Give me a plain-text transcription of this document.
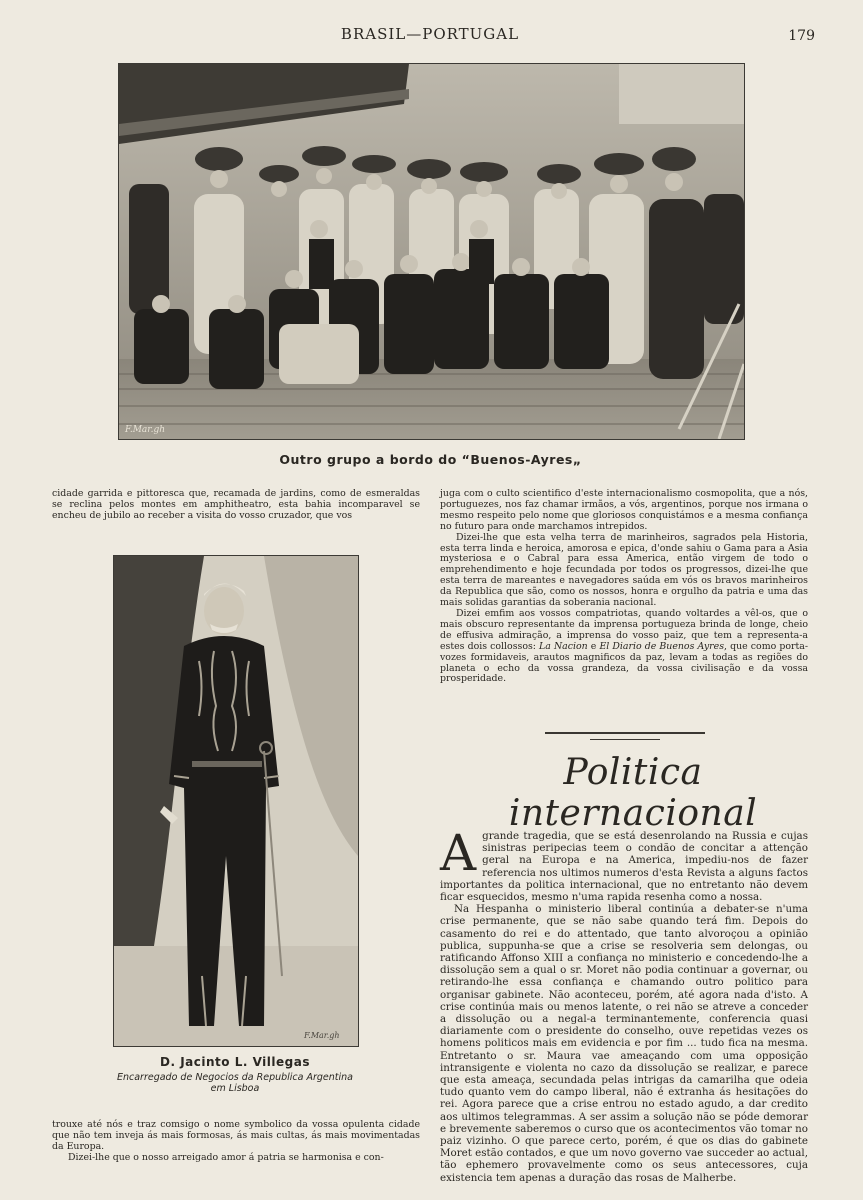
BRASIL—PORTUGAL	179
F.Mar.gh
Outro grupo a bordo do “Buenos-Ayres„

cidade garrida e pittoresca que, recamada de jardins, como de esmeraldas se reclina pelos montes em amphitheatro, esta bahia incomparavel se encheu de jubilo ao receber a visita do vosso cruzador, que vos

F.Mar.gh
D. Jacinto L. Villegas
Encarregado de Negocios da Republica Argentina
em Lisboa

trouxe até nós e traz comsigo o nome symbolico da vossa opulenta cidade que não tem inveja ás mais formosas, ás mais cultas, ás mais movimentadas da Europa.

Dizei-lhe que o nosso arreigado amor á patria se harmonisa e con-

juga com o culto scientifico d'este internacionalismo cosmopolita, que a nós, portuguezes, nos faz chamar irmãos, a vós, argentinos, porque nos irmana o mesmo respeito pelo nome que gloriosos conquistámos e a mesma confiança no futuro para onde marchamos intrepidos.

Dizei-lhe que esta velha terra de marinheiros, sagrados pela Historia, esta terra linda e heroica, amorosa e epica, d'onde sahiu o Gama para a Asia mysteriosa e o Cabral para essa America, então virgem de todo o emprehendimento e hoje fecundada por todos os progressos, dizei-lhe que esta terra de mareantes e navegadores saúda em vós os bravos marinheiros da Republica que são, como os nossos, honra e orgulho da patria e uma das mais solidas garantias da soberania nacional.

Dizei emfim aos vossos compatriotas, quando voltardes a vêl-os, que o mais obscuro representante da imprensa portugueza brinda de longe, cheio de effusiva admiração, a imprensa do vosso paiz, que tem a representa-a estes dois collossos: La Nacion e El Diario de Buenos Ayres, que como porta-vozes formidaveis, arautos magnificos da paz, levam a todas as regiões do planeta o echo da vossa grandeza, da vossa civilisação e da vossa prosperidade.

Politica internacional

Agrande tragedia, que se está desenrolando na Russia e cujas sinistras peripecias teem o condão de concitar a attenção geral na Europa e na America, impediu-nos de fazer referencia nos ultimos numeros d'esta Revista a alguns factos importantes da politica internacional, que no entretanto não devem ficar esquecidos, mesmo n'uma rapida resenha como a nossa.

Na Hespanha o ministerio liberal continúa a debater-se n'uma crise permanente, que se não sabe quando terá fim. Depois do casamento do rei e do attentado, que tanto alvoroçou a opinião publica, suppunha-se que a crise se resolveria sem delongas, ou ratificando Affonso XIII a confiança no ministerio e concedendo-lhe a dissolução sem a qual o sr. Moret não podia continuar a governar, ou retirando-lhe essa confiança e chamando outro politico para organisar gabinete. Não aconteceu, porém, até agora nada d'isto. A crise continúa mais ou menos latente, o rei não se atreve a conceder a dissolução ou a negal-a terminantemente, conferencia quasi diariamente com o presidente do conselho, ouve repetidas vezes os homens politicos mais em evidencia e por fim ... tudo fica na mesma. Entretanto o sr. Maura vae ameaçando com uma opposição intransigente e violenta no cazo da dissolução se realizar, e parece que esta ameaça, secundada pelas intrigas da camarilha que odeia tudo quanto vem do campo liberal, não é extranha ás hesitações do rei. Agora parece que a crise entrou no estado agudo, a dar credito aos ultimos telegrammas. A ser assim a solução não se póde demorar e brevemente saberemos o curso que os acontecimentos vão tomar no paiz vizinho. O que parece certo, porém, é que os dias do gabinete Moret estão contados, e que um novo governo vae succeder ao actual, tão ephemero provavelmente como os seus antecessores, cuja existencia tem apenas a duração das rosas de Malherbe.
